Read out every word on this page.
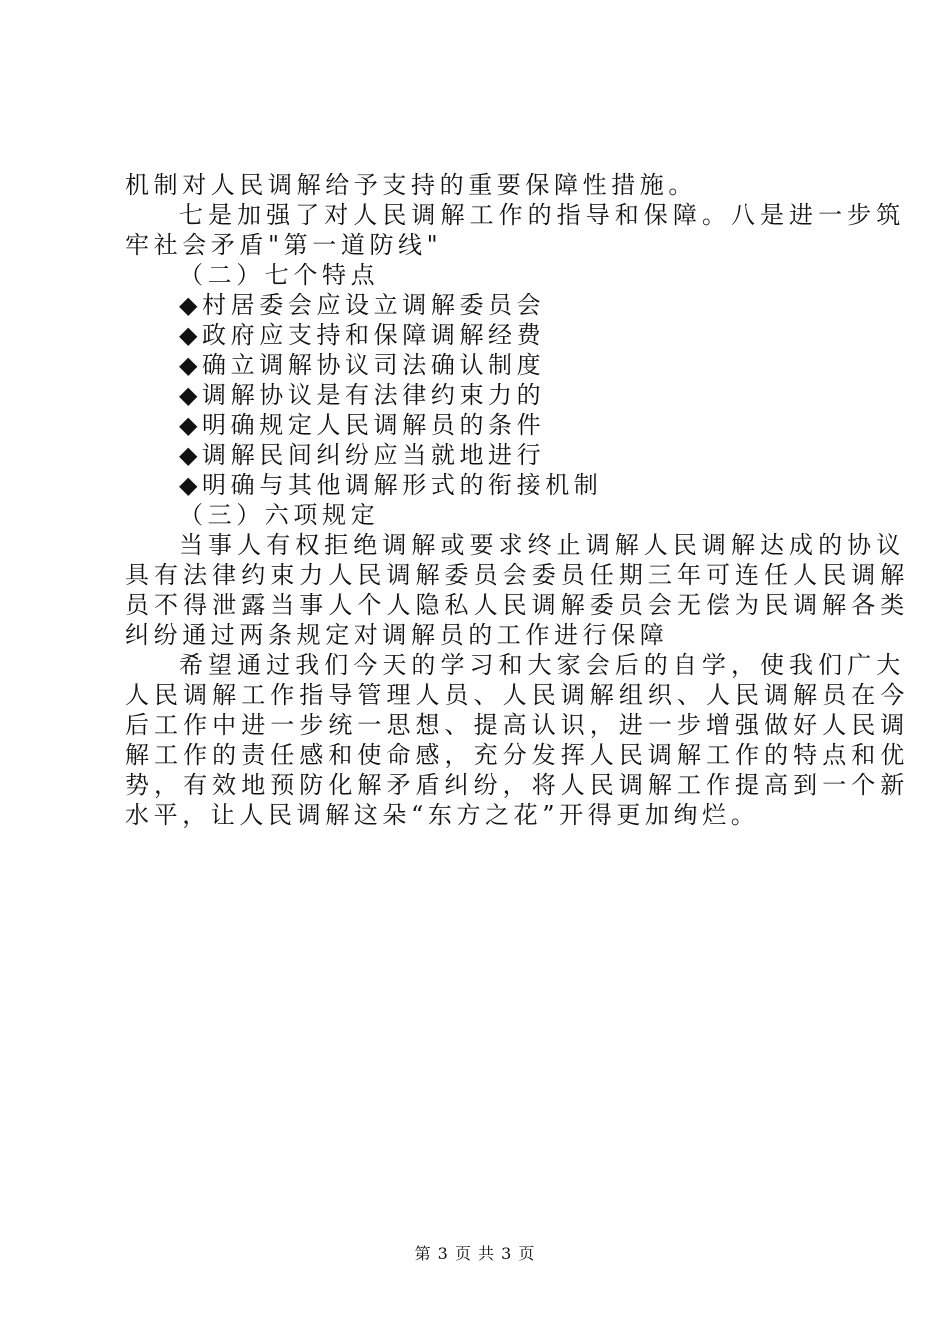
机制对人民调解给予支持的重要保障性措施。
七是加强了对人民调解工作的指导和保障。八是进一步筑
牢社会矛盾"第一道防线"
（二）七个特点
◆村居委会应设立调解委员会
◆政府应支持和保障调解经费
◆确立调解协议司法确认制度
◆调解协议是有法律约束力的
◆明确规定人民调解员的条件
◆调解民间纠纷应当就地进行
◆明确与其他调解形式的衔接机制
（三）六项规定
当事人有权拒绝调解或要求终止调解人民调解达成的协议
具有法律约束力人民调解委员会委员任期三年可连任人民调解
员不得泄露当事人个人隐私人民调解委员会无偿为民调解各类
纠纷通过两条规定对调解员的工作进行保障
希望通过我们今天的学习和大家会后的自学，使我们广大
人民调解工作指导管理人员、人民调解组织、人民调解员在今
后工作中进一步统一思想、提高认识，进一步增强做好人民调
解工作的责任感和使命感，充分发挥人民调解工作的特点和优
势，有效地预防化解矛盾纠纷，将人民调解工作提高到一个新
水平，让人民调解这朵“东方之花”开得更加绚烂。
第 3 页 共 3 页
